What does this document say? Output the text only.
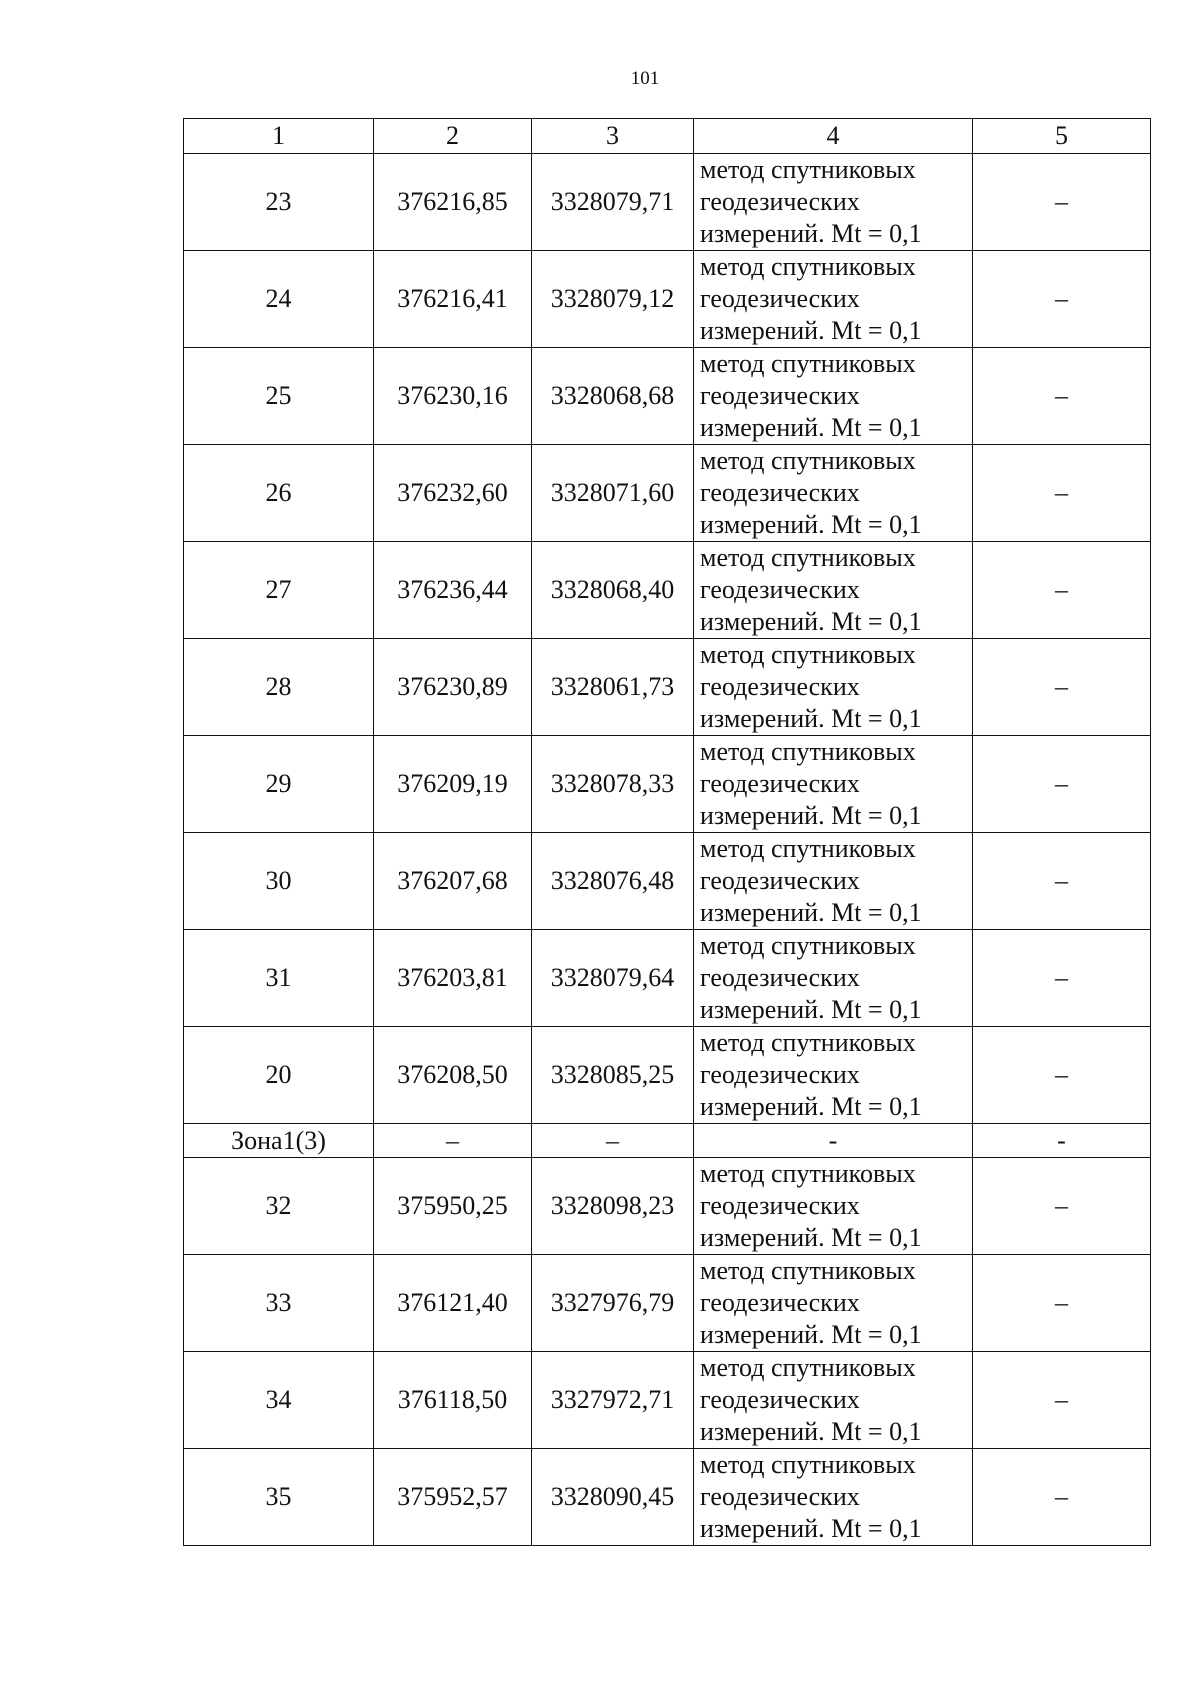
101
1	2	3	4	5
23	376216,85	3328079,71	метод спутниковых
геодезических
измерений. Mt = 0,1	–
24	376216,41	3328079,12	метод спутниковых
геодезических
измерений. Mt = 0,1	–
25	376230,16	3328068,68	метод спутниковых
геодезических
измерений. Mt = 0,1	–
26	376232,60	3328071,60	метод спутниковых
геодезических
измерений. Mt = 0,1	–
27	376236,44	3328068,40	метод спутниковых
геодезических
измерений. Mt = 0,1	–
28	376230,89	3328061,73	метод спутниковых
геодезических
измерений. Mt = 0,1	–
29	376209,19	3328078,33	метод спутниковых
геодезических
измерений. Mt = 0,1	–
30	376207,68	3328076,48	метод спутниковых
геодезических
измерений. Mt = 0,1	–
31	376203,81	3328079,64	метод спутниковых
геодезических
измерений. Mt = 0,1	–
20	376208,50	3328085,25	метод спутниковых
геодезических
измерений. Mt = 0,1	–
Зона1(3)	–	–	-	-
32	375950,25	3328098,23	метод спутниковых
геодезических
измерений. Mt = 0,1	–
33	376121,40	3327976,79	метод спутниковых
геодезических
измерений. Mt = 0,1	–
34	376118,50	3327972,71	метод спутниковых
геодезических
измерений. Mt = 0,1	–
35	375952,57	3328090,45	метод спутниковых
геодезических
измерений. Mt = 0,1	–
